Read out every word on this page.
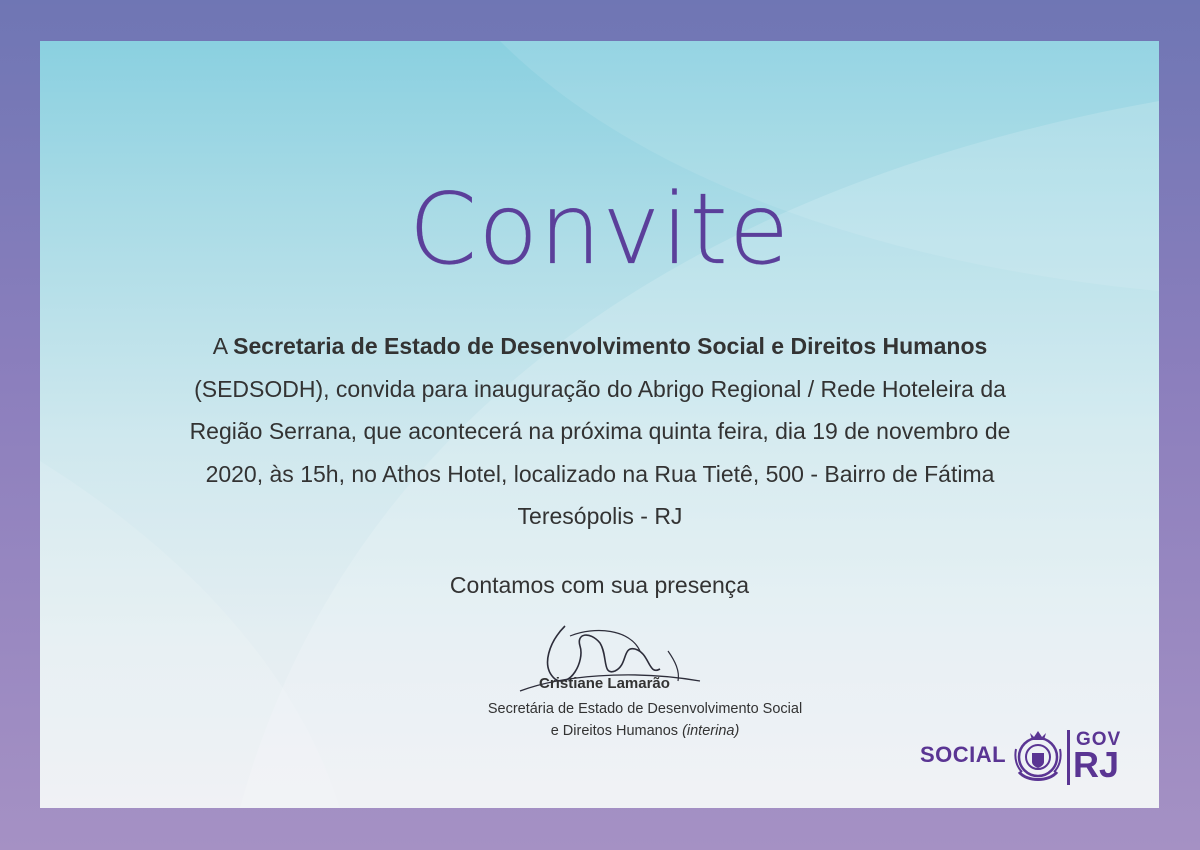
Convite
A Secretaria de Estado de Desenvolvimento Social e Direitos Humanos
(SEDSODH), convida para inauguração do Abrigo Regional / Rede Hoteleira da
Região Serrana, que acontecerá na próxima quinta feira, dia 19 de novembro de
2020, às 15h, no Athos Hotel, localizado na Rua Tietê, 500 - Bairro de Fátima
Teresópolis - RJ
Contamos com sua presença
Cristiane Lamarão
Secretária de Estado de Desenvolvimento Social
e Direitos Humanos (interina)
SOCIAL
GOV
RJ
